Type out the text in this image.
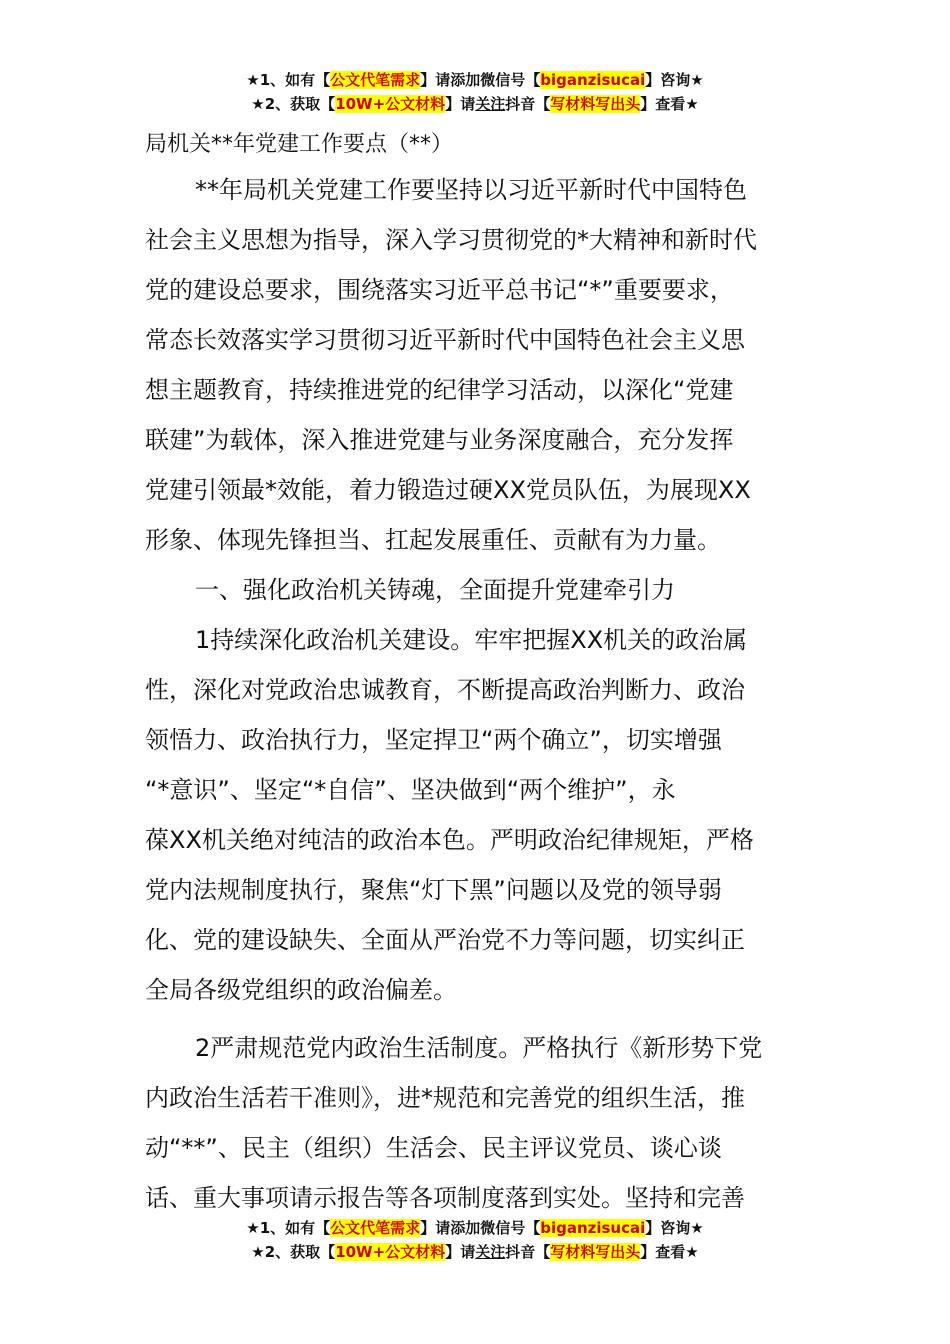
★1、如有【公文代笔需求】请添加微信号【biganzisucai】咨询★
★2、获取【10W+公文材料】请关注抖音【写材料写出头】查看★
局机关**年党建工作要点（**）
**年局机关党建工作要坚持以习近平新时代中国特色
社会主义思想为指导，深入学习贯彻党的*大精神和新时代
党的建设总要求，围绕落实习近平总书记“*”重要要求，
常态长效落实学习贯彻习近平新时代中国特色社会主义思
想主题教育，持续推进党的纪律学习活动，以深化“党建
联建”为载体，深入推进党建与业务深度融合，充分发挥
党建引领最*效能，着力锻造过硬XX党员队伍，为展现XX
形象、体现先锋担当、扛起发展重任、贡献有为力量。
一、强化政治机关铸魂，全面提升党建牵引力
1持续深化政治机关建设。牢牢把握XX机关的政治属
性，深化对党政治忠诚教育，不断提高政治判断力、政治
领悟力、政治执行力，坚定捍卫“两个确立”，切实增强
“*意识”、坚定“*自信”、坚决做到“两个维护”，永
葆XX机关绝对纯洁的政治本色。严明政治纪律规矩，严格
党内法规制度执行，聚焦“灯下黑”问题以及党的领导弱
化、党的建设缺失、全面从严治党不力等问题，切实纠正
全局各级党组织的政治偏差。
2严肃规范党内政治生活制度。严格执行《新形势下党
内政治生活若干准则》，进*规范和完善党的组织生活，推
动“**”、民主（组织）生活会、民主评议党员、谈心谈
话、重大事项请示报告等各项制度落到实处。坚持和完善
★1、如有【公文代笔需求】请添加微信号【biganzisucai】咨询★
★2、获取【10W+公文材料】请关注抖音【写材料写出头】查看★
